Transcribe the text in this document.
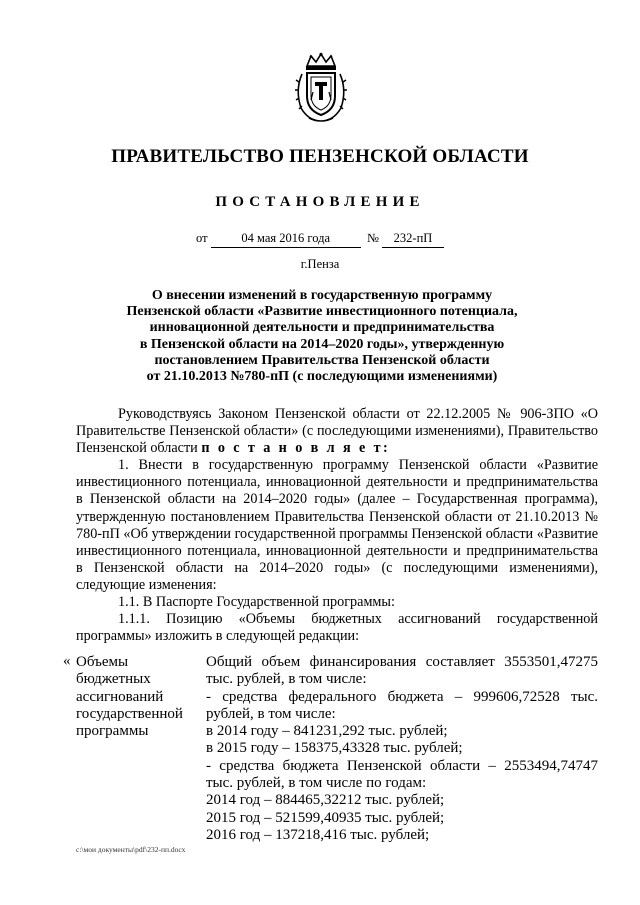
ПРАВИТЕЛЬСТВО ПЕНЗЕНСКОЙ ОБЛАСТИ
ПОСТАНОВЛЕНИЕ
от	04 мая 2016 года	№ 232-пП
г.Пенза
О внесении изменений в государственную программу
Пензенской области «Развитие инвестиционного потенциала,
инновационной деятельности и предпринимательства
в Пензенской области на 2014–2020 годы», утвержденную
постановлением Правительства Пензенской области
от 21.10.2013 №780-пП (с последующими изменениями)

Руководствуясь Законом Пензенской области от 22.12.2005 № 906-ЗПО «О Правительстве Пензенской области» (с последующими изменениями), Правительство Пензенской области п о с т а н о в л я е т:

1. Внести в государственную программу Пензенской области «Развитие инвестиционного потенциала, инновационной деятельности и предпринимательства в Пензенской области на 2014–2020 годы» (далее – Государственная программа), утвержденную постановлением Правительства Пензенской области от 21.10.2013 № 780-пП «Об утверждении государственной программы Пензенской области «Развитие инвестиционного потенциала, инновационной деятельности и предпринимательства в Пензенской области на 2014–2020 годы» (с последующими изменениями), следующие изменения:

1.1. В Паспорте Государственной программы:

1.1.1. Позицию «Объемы бюджетных ассигнований государственной программы» изложить в следующей редакции:

« Объемы
бюджетных
ассигнований
государственной
программы
Общий объем финансирования составляет 3553501,47275 тыс. рублей, в том числе:
- средства федерального бюджета – 999606,72528 тыс. рублей, в том числе:
в 2014 году – 841231,292 тыс. рублей;
в 2015 году – 158375,43328 тыс. рублей;
- средства бюджета Пензенской области – 2553494,74747 тыс. рублей, в том числе по годам:
2014 год – 884465,32212 тыс. рублей;
2015 год – 521599,40935 тыс. рублей;
2016 год – 137218,416 тыс. рублей;
c:\мои документы\pdf\232-пп.docx
